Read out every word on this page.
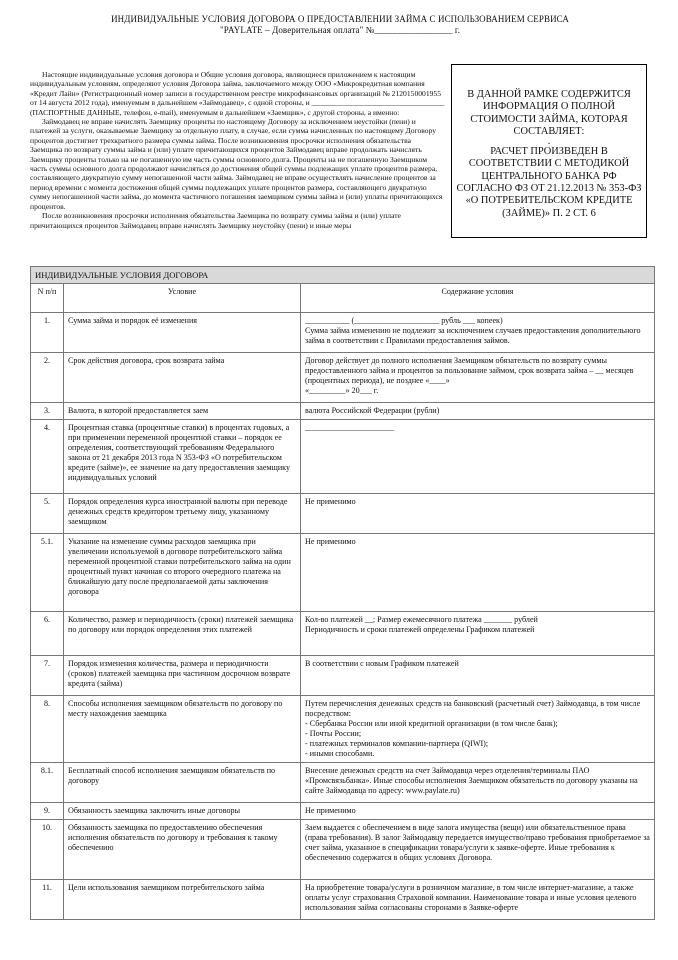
ИНДИВИДУАЛЬНЫЕ УСЛОВИЯ ДОГОВОРА О ПРЕДОСТАВЛЕНИИ ЗАЙМА С ИСПОЛЬЗОВАНИЕМ СЕРВИСА
"PAYLATE – Доверительная оплата" №_________________ г.

Настоящие индивидуальные условия договора и Общие условия договора, являющиеся приложением к настоящим индивидуальным условиям, определяют условия Договора займа, заключаемого между ООО «Микрокредитная компания «Кредит Лайн» (Регистрационный номер записи в государственном реестре микрофинансовых организаций № 2120150001955 от 14 августа 2012 года), именуемым в дальнейшем «Займодавец», с одной стороны, и ___________________________________

(ПАСПОРТНЫЕ ДАННЫЕ, телефон, e-mail), именуемым в дальнейшем «Заемщик», с другой стороны, а именно:

Займодавец не вправе начислять Заемщику проценты по настоящему Договору за исключением неустойки (пени) и платежей за услуги, оказываемые Заемщику за отдельную плату, в случае, если сумма начисленных по настоящему Договору процентов достигнет трехкратного размера суммы займа. После возникновения просрочки исполнения обязательства Заемщика по возврату суммы займа и (или) уплате причитающихся процентов Займодавец вправе продолжать начислять Заемщику проценты только на не погашенную им часть суммы основного долга. Проценты на не погашенную Заемщиком часть суммы основного долга продолжают начисляться до достижения общей суммы подлежащих уплате процентов размера, составляющего двукратную сумму непогашенной части займа. Займодавец не вправе осуществлять начисление процентов за период времени с момента достижения общей суммы подлежащих уплате процентов размера, составляющего двукратную сумму непогашенной части займа, до момента частичного погашения заемщиком суммы займа и (или) уплаты причитающихся процентов.

После возникновения просрочки исполнения обязательства Заемщика по возврату суммы займа и (или) уплате причитающихся процентов Займодавец вправе начислять Заемщику неустойку (пени) и иные меры

В ДАННОЙ РАМКЕ СОДЕРЖИТСЯ ИНФОРМАЦИЯ О ПОЛНОЙ СТОИМОСТИ ЗАЙМА, КОТОРАЯ СОСТАВЛЯЕТ:
.
РАСЧЕТ ПРОИЗВЕДЕН В СООТВЕТСТВИИ С МЕТОДИКОЙ ЦЕНТРАЛЬНОГО БАНКА РФ СОГЛАСНО ФЗ ОТ 21.12.2013 № 353-ФЗ «О ПОТРЕБИТЕЛЬСКОМ КРЕДИТЕ (ЗАЙМЕ)» П. 2 СТ. 6
ИНДИВИДУАЛЬНЫЕ УСЛОВИЯ ДОГОВОРА		
N п/п	Условие	Содержание условия
1.	Сумма займа и порядок её изменения	___________ (_____________________ рубль ___ копеек)
Сумма займа изменению не подлежит за исключением случаев предоставления дополнительного займа в соответствии с Правилами предоставления займов.

2.	Срок действия договора, срок возврата займа	Договор действует до полного исполнения Заемщиком обязательств по возврату суммы предоставленного займа и процентов за пользование займом, срок возврата займа – __ месяцев (процентных периода), не позднее «____»
«_________» 20___ г.

3.	Валюта, в которой предоставляется заем	валюта Российской Федерации (рубли)
4.	Процентная ставка (процентные ставки) в процентах годовых, а при применении переменной процентной ставки – порядок ее определения, соответствующий требованиям Федерального закона от 21 декабря 2013 года N 353-ФЗ «О потребительском кредите (займе)», ее значение на дату предоставления заемщику индивидуальных условий	______________________
5.	Порядок определения курса иностранной валюты при переводе денежных средств кредитором третьему лицу, указанному заемщиком	Не применимо
5.1.	Указание на изменение суммы расходов заемщика при увеличении используемой в договоре потребительского займа переменной процентной ставки потребительского займа на один процентный пункт начиная со второго очередного платежа на ближайшую дату после предполагаемой даты заключения договора	Не применимо
6.	Количество, размер и периодичность (сроки) платежей заемщика по договору или порядок определения этих платежей	Кол-во платежей __; Размер ежемесячного платежа _______ рублей
Периодичность и сроки платежей определены Графиком платежей

7.	Порядок изменения количества, размера и периодичности (сроков) платежей заемщика при частичном досрочном возврате кредита (займа)	В соответствии с новым Графиком платежей
8.	Способы исполнения заемщиком обязательств по договору по месту нахождения заемщика	Путем перечисления денежных средств на банковский (расчетный счет) Займодавца, в том числе посредством:
- Сбербанка России или иной кредитной организации (в том числе банк);
- Почты России;
- платежных терминалов компании-партнера (QIWI);
- иными способами.

8.1.	Бесплатный способ исполнения заемщиком обязательств по договору	Внесение денежных средств на счет Займодавца через отделения/терминалы ПАО «Промсвязьбанка». Иные способы исполнения Заемщиком обязательств по договору указаны на сайте Займодавца по адресу: www.paylate.ru)
9.	Обязанность заемщика заключить иные договоры	Не применимо
10.	Обязанность заемщика по предоставлению обеспечения исполнения обязательств по договору и требования к такому обеспечению	Заем выдается с обеспечением в виде залога имущества (вещи) или обязательственное права
(права требования). В залог Займодавцу передается имущество/право требования приобретаемое за счет займа, указанное в спецификации товара/услуги к заявке-оферте. Иные требования к обеспечению содержатся в общих условиях Договора.

11.	Цели использования заемщиком потребительского займа	На приобретение товара/услуги в розничном магазине, в том числе интернет-магазине, а также оплаты услуг страхования Страховой компании. Наименование товара и иные условия целевого использования займа согласованы сторонами в Заявке-оферте
